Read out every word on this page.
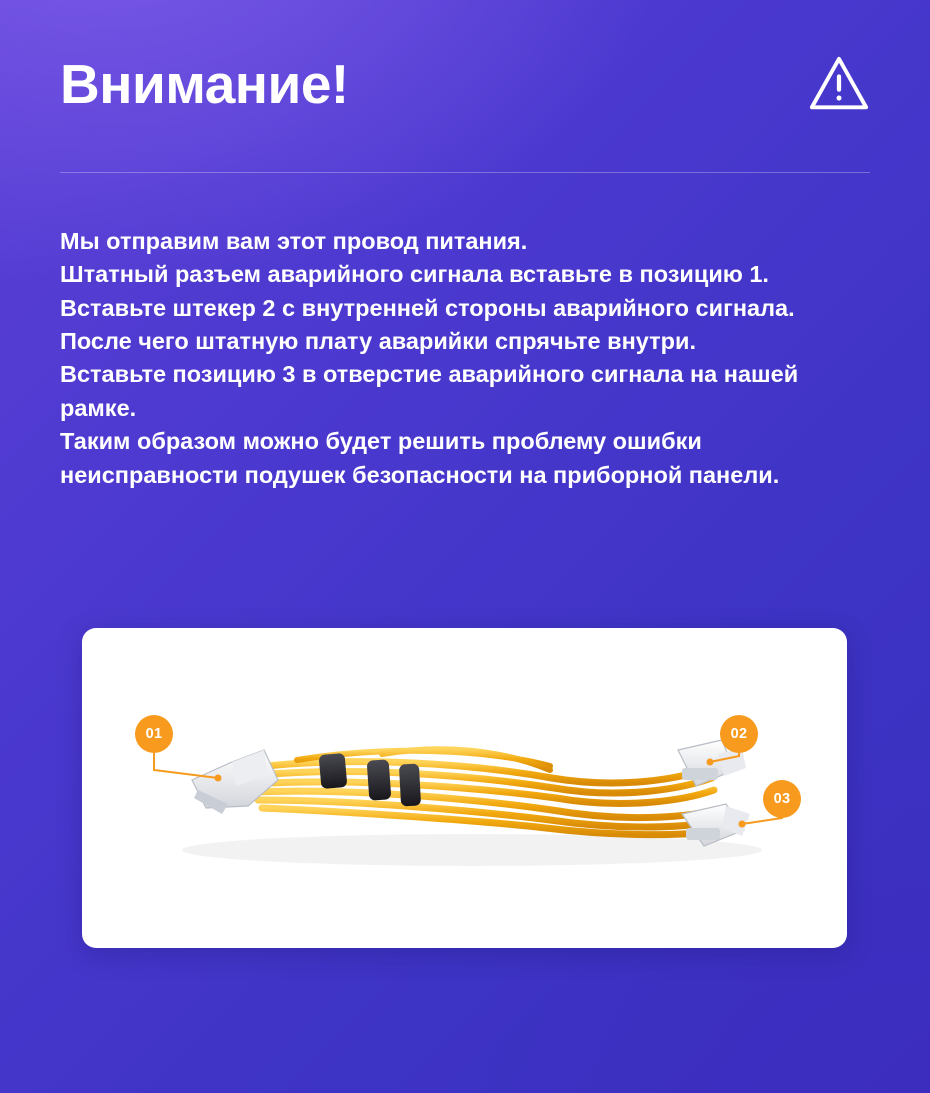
Внимание!

Мы отправим вам этот провод питания.

Штатный разъем аварийного сигнала вставьте в позицию 1.

Вставьте штекер 2 с внутренней стороны аварийного сигнала. После чего штатную плату аварийки спрячьте внутри.

Вставьте позицию 3 в отверстие аварийного сигнала на нашей рамке.

Таким образом можно будет решить проблему ошибки неисправности подушек безопасности на приборной панели.

01	02
03
